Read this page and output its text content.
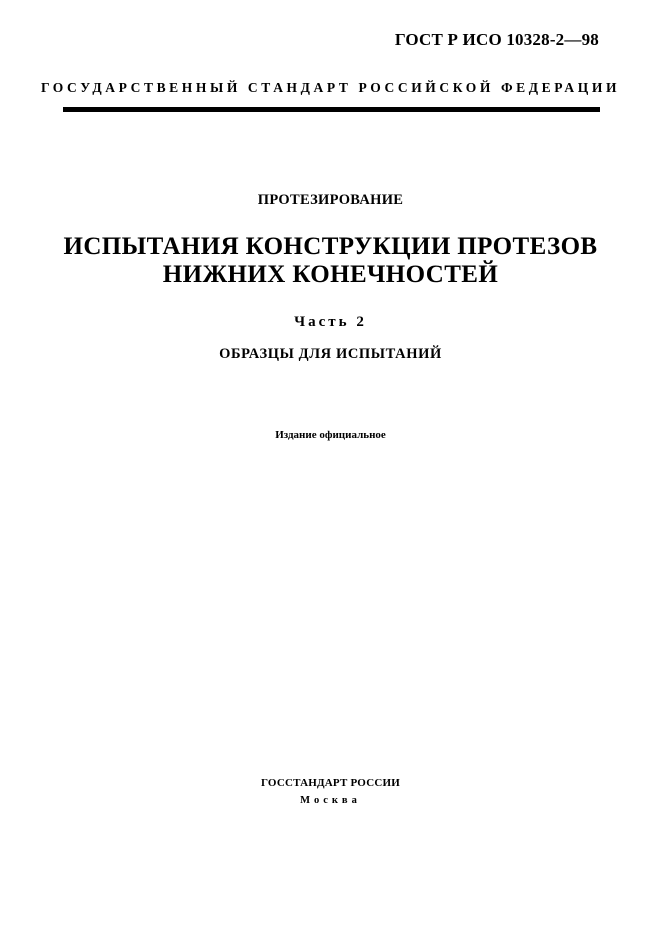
ГОСТ Р ИСО 10328-2—98
ГОСУДАРСТВЕННЫЙ СТАНДАРТ РОССИЙСКОЙ ФЕДЕРАЦИИ
ПРОТЕЗИРОВАНИЕ
ИСПЫТАНИЯ КОНСТРУКЦИИ ПРОТЕЗОВ
НИЖНИХ КОНЕЧНОСТЕЙ
Часть 2
ОБРАЗЦЫ ДЛЯ ИСПЫТАНИЙ
Издание официальное
ГОССТАНДАРТ РОССИИ
Москва
